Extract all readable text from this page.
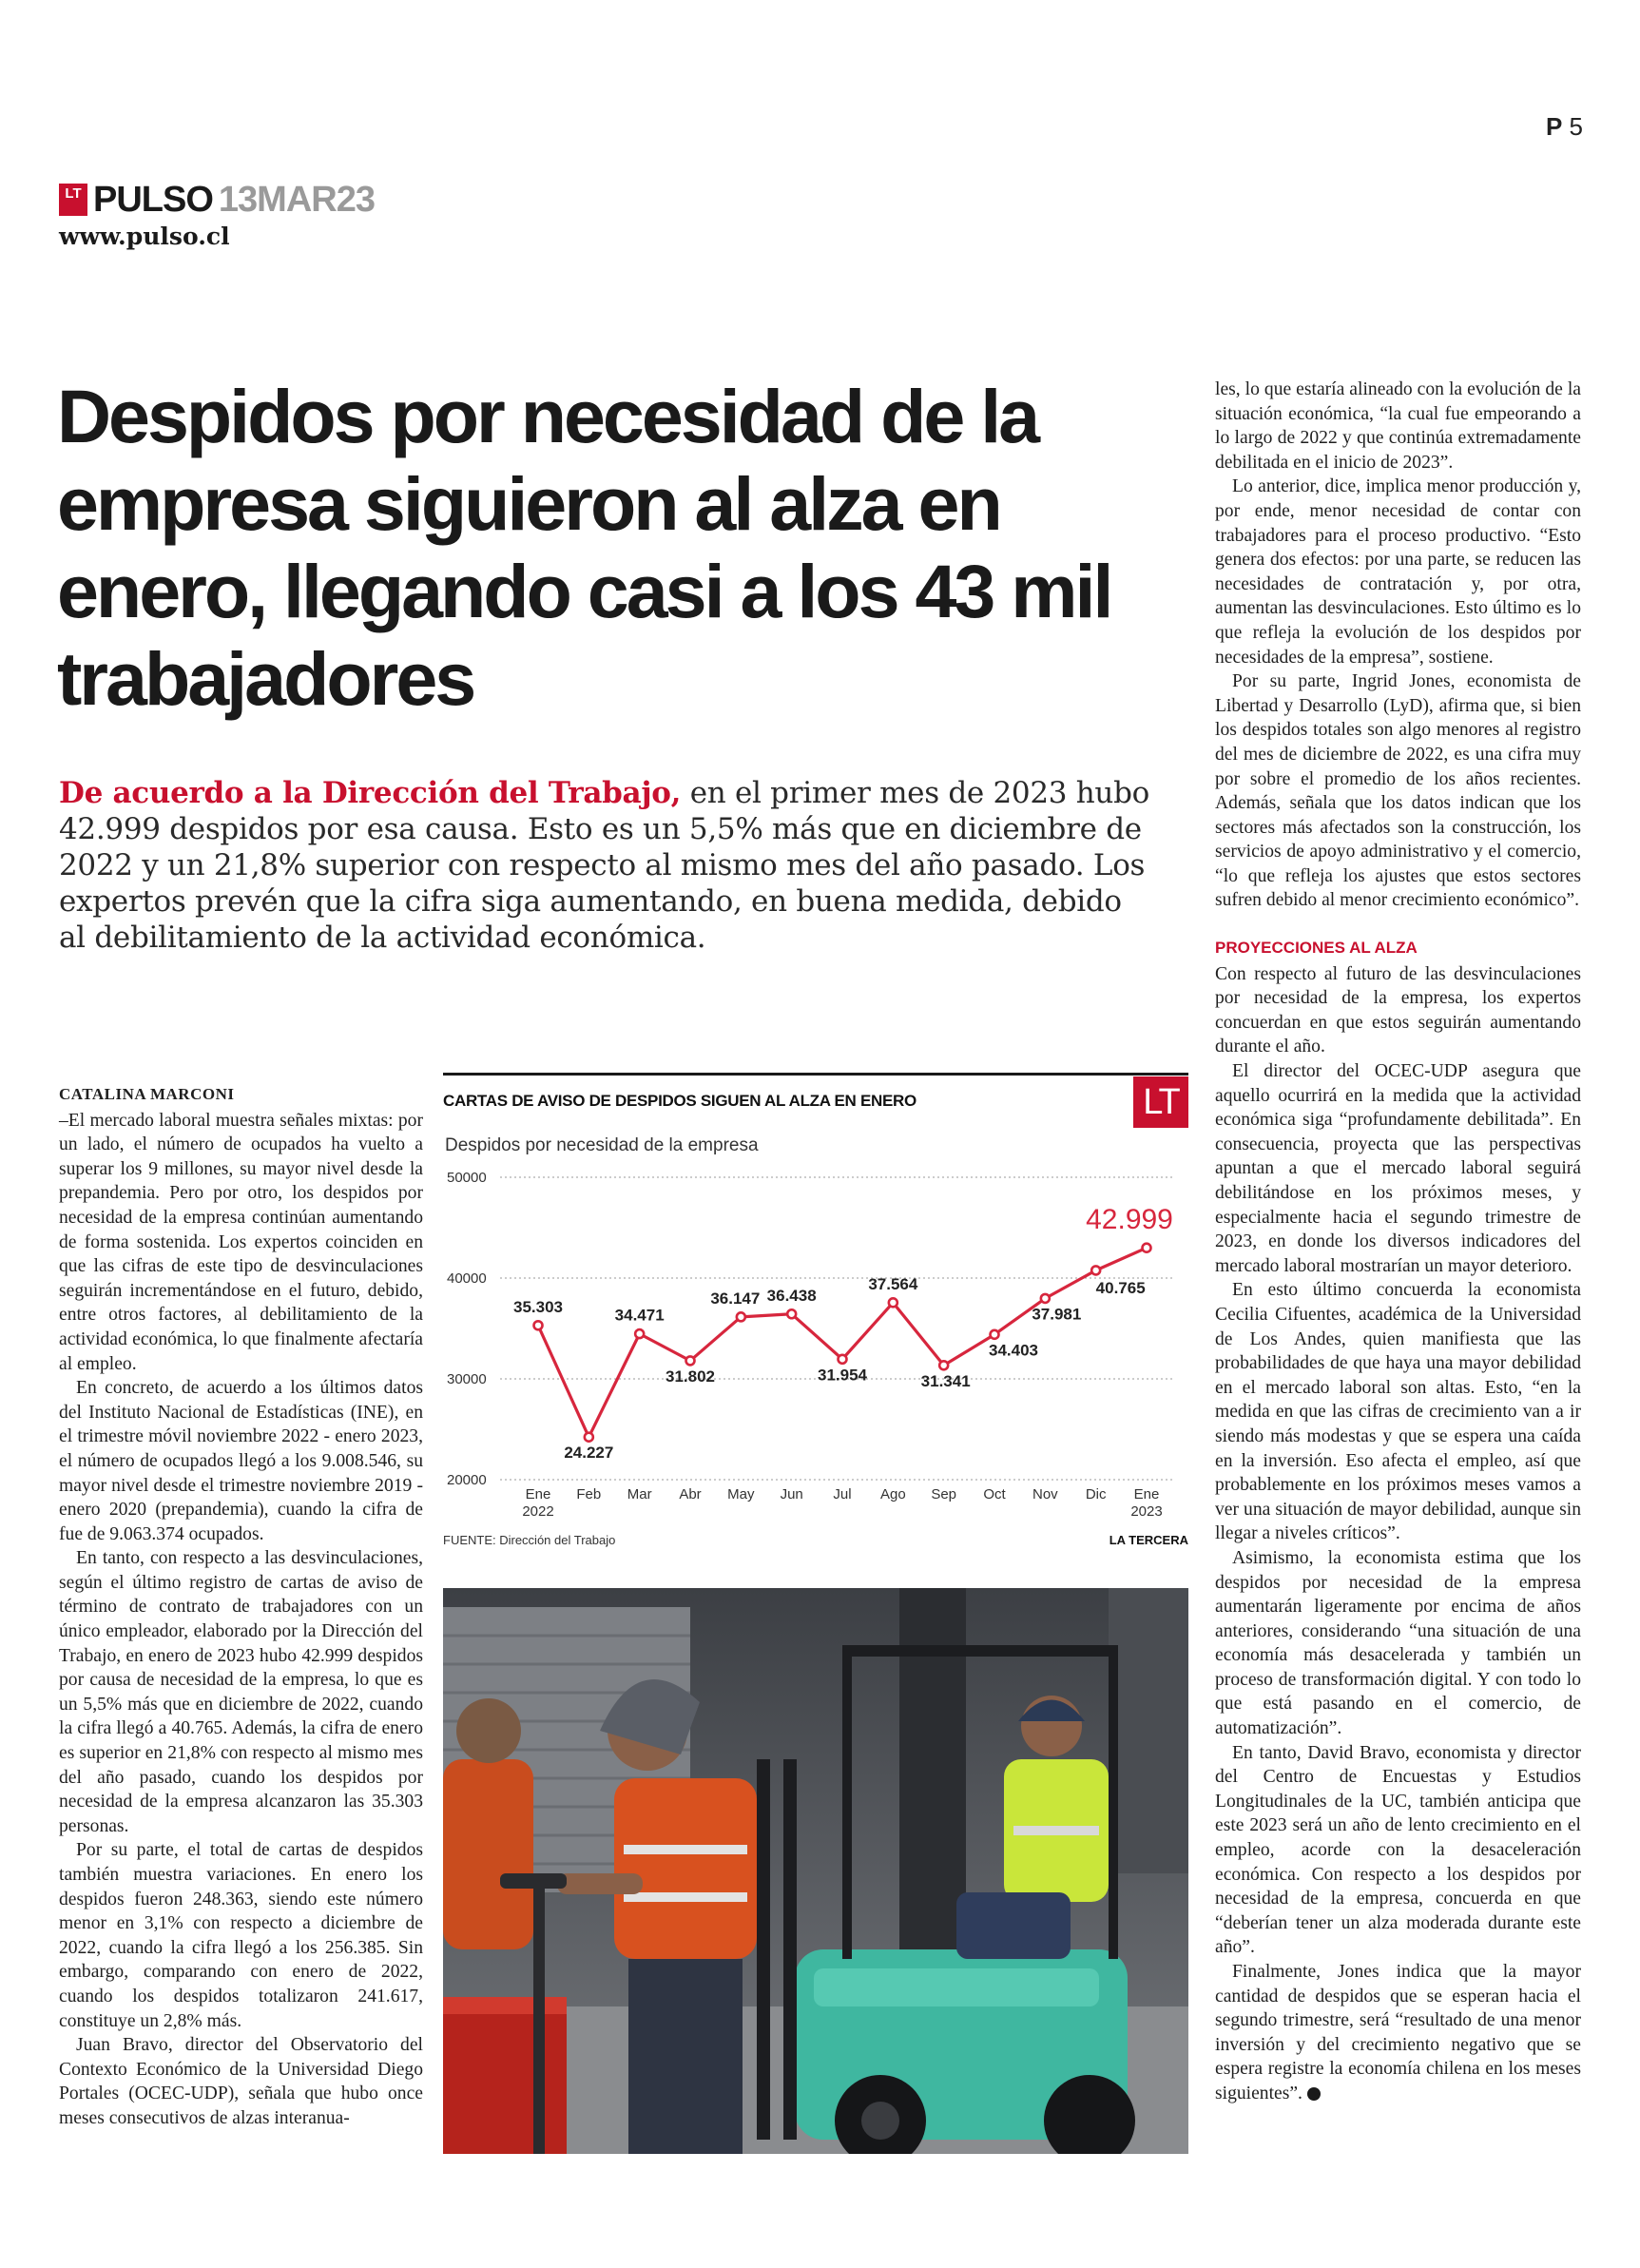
P 5
LT PULSO 13MAR23
www.pulso.cl
Despidos por necesidad de la empresa siguieron al alza en enero, llegando casi a los 43 mil trabajadores

De acuerdo a la Dirección del Trabajo, en el primer mes de 2023 hubo 42.999 despidos por esa causa. Esto es un 5,5% más que en diciembre de 2022 y un 21,8% superior con respecto al mismo mes del año pasado. Los expertos prevén que la cifra siga aumentando, en buena medida, debido al debilitamiento de la actividad económica.

CATALINA MARCONI

–El mercado laboral muestra señales mixtas: por un lado, el número de ocupados ha vuelto a superar los 9 millones, su mayor nivel desde la prepandemia. Pero por otro, los despidos por necesidad de la empresa continúan aumentando de forma sostenida. Los expertos coinciden en que las cifras de este tipo de desvinculaciones seguirán incrementándose en el futuro, debido, entre otros factores, al debilitamiento de la actividad económica, lo que finalmente afectaría al empleo.

En concreto, de acuerdo a los últimos datos del Instituto Nacional de Estadísticas (INE), en el trimestre móvil noviembre 2022 - enero 2023, el número de ocupados llegó a los 9.008.546, su mayor nivel desde el trimestre noviembre 2019 - enero 2020 (prepandemia), cuando la cifra de fue de 9.063.374 ocupados.

En tanto, con respecto a las desvinculaciones, según el último registro de cartas de aviso de término de contrato de trabajadores con un único empleador, elaborado por la Dirección del Trabajo, en enero de 2023 hubo 42.999 despidos por causa de necesidad de la empresa, lo que es un 5,5% más que en diciembre de 2022, cuando la cifra llegó a 40.765. Además, la cifra de enero es superior en 21,8% con respecto al mismo mes del año pasado, cuando los despidos por necesidad de la empresa alcanzaron las 35.303 personas.

Por su parte, el total de cartas de despidos también muestra variaciones. En enero los despidos fueron 248.363, siendo este número menor en 3,1% con respecto a diciembre de 2022, cuando la cifra llegó a los 256.385. Sin embargo, comparando con enero de 2022, cuando los despidos totalizaron 241.617, constituye un 2,8% más.

Juan Bravo, director del Observatorio del Contexto Económico de la Universidad Diego Portales (OCEC-UDP), señala que hubo once meses consecutivos de alzas interanua-

CARTAS DE AVISO DE DESPIDOS SIGUEN AL ALZA EN ENERO	LT
Despidos por necesidad de la empresa
20000
30000
40000
50000
35.303
Ene
2022
24.227
Feb
34.471
Mar
31.802
Abr
36.147
May
36.438
Jun
31.954
Jul
37.564
Ago
31.341
Sep
34.403
Oct
37.981
Nov
40.765
Dic
42.999
Ene
2023
FUENTE: Dirección del Trabajo	LA TERCERA

les, lo que estaría alineado con la evolución de la situación económica, “la cual fue empeorando a lo largo de 2022 y que continúa extremadamente debilitada en el inicio de 2023”.

Lo anterior, dice, implica menor producción y, por ende, menor necesidad de contar con trabajadores para el proceso productivo. “Esto genera dos efectos: por una parte, se reducen las necesidades de contratación y, por otra, aumentan las desvinculaciones. Esto último es lo que refleja la evolución de los despidos por necesidades de la empresa”, sostiene.

Por su parte, Ingrid Jones, economista de Libertad y Desarrollo (LyD), afirma que, si bien los despidos totales son algo menores al registro del mes de diciembre de 2022, es una cifra muy por sobre el promedio de los años recientes. Además, señala que los datos indican que los sectores más afectados son la construcción, los servicios de apoyo administrativo y el comercio, “lo que refleja los ajustes que estos sectores sufren debido al menor crecimiento económico”.

PROYECCIONES AL ALZA

Con respecto al futuro de las desvinculaciones por necesidad de la empresa, los expertos concuerdan en que estos seguirán aumentando durante el año.

El director del OCEC-UDP asegura que aquello ocurrirá en la medida que la actividad económica siga “profundamente debilitada”. En consecuencia, proyecta que las perspectivas apuntan a que el mercado laboral seguirá debilitándose en los próximos meses, y especialmente hacia el segundo trimestre de 2023, en donde los diversos indicadores del mercado laboral mostrarían un mayor deterioro.

En esto último concuerda la economista Cecilia Cifuentes, académica de la Universidad de Los Andes, quien manifiesta que las probabilidades de que haya una mayor debilidad en el mercado laboral son altas. Esto, “en la medida en que las cifras de crecimiento van a ir siendo más modestas y que se espera una caída en la inversión. Eso afecta el empleo, así que probablemente en los próximos meses vamos a ver una situación de mayor debilidad, aunque sin llegar a niveles críticos”.

Asimismo, la economista estima que los despidos por necesidad de la empresa aumentarán ligeramente por encima de años anteriores, considerando “una situación de una economía más desacelerada y también un proceso de transformación digital. Y con todo lo que está pasando en el comercio, de automatización”.

En tanto, David Bravo, economista y director del Centro de Encuestas y Estudios Longitudinales de la UC, también anticipa que este 2023 será un año de lento crecimiento en el empleo, acorde con la desaceleración económica. Con respecto a los despidos por necesidad de la empresa, concuerda en que “deberían tener un alza moderada durante este año”.

Finalmente, Jones indica que la mayor cantidad de despidos que se esperan hacia el segundo trimestre, será “resultado de una menor inversión y del crecimiento negativo que se espera registre la economía chilena en los meses siguientes”.	P
